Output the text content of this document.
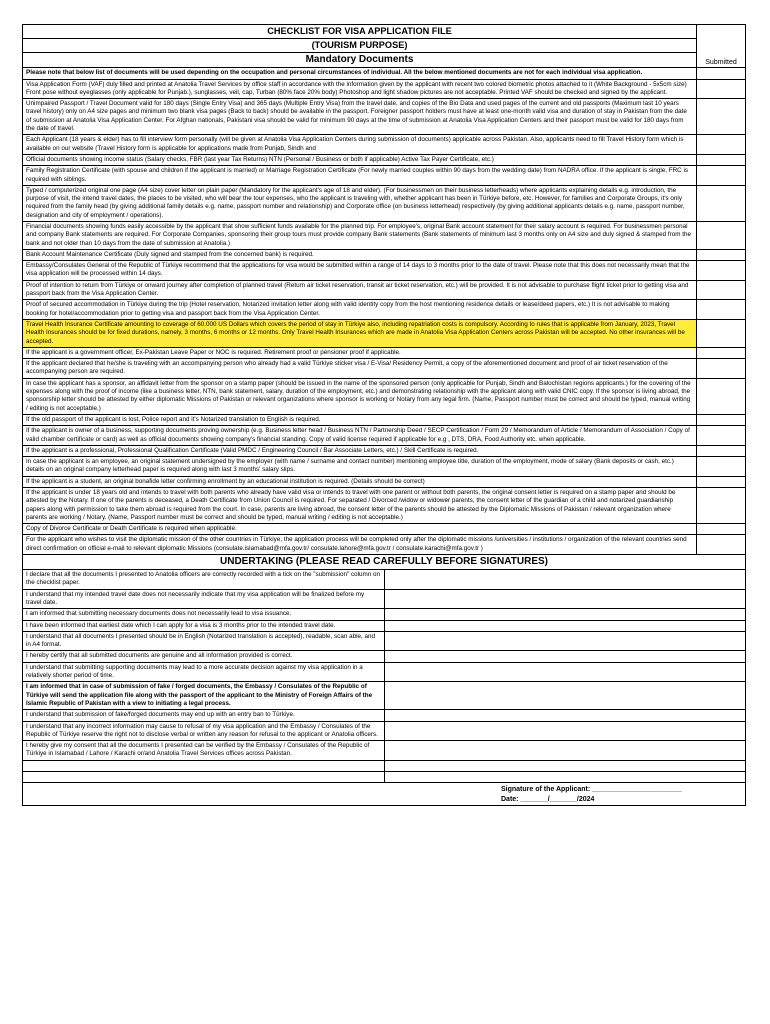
CHECKLIST FOR VISA APPLICATION FILE	
Submitted

(TOURISM PURPOSE)
Mandatory Documents
Please note that below list of documents will be used depending on the occupation and personal circumstances of individual. All the below mentioned documents are not for each individual visa application.	
Visa Application Form (VAF) duly filled and printed at Anatolia Travel Services by office staff in accordance with the information given by the applicant with recent two colored biometric photos attached to it (White Background - 5x5cm size) Front pose without eyeglasses (only applicable for Punjab.), sunglasses, veil, cap, Turban (80% face 20% body) Photoshop and light shadow pictures are not acceptable. Printed VAF should be checked and signed by the applicant.	
Unimpaired Passport / Travel Document valid for 180 days (Single Entry Visa) and 365 days (Multiple Entry Visa) from the travel date, and copies of the Bio Data and used pages of the current and old passports (Maximum last 10 years travel history) only on A4 size pages and minimum two blank visa pages (Back to back) should be available in the passport. Foreigner passport holders must have at least one-month valid visa and duration of stay in Pakistan from the date of submission at Anatolia Visa Application Center. For Afghan nationals, Pakistani visa should be valid for minimum 90 days at the time of submission at Anatolia Visa Application Centers and their passport must be valid for 180 days from the date of travel.	
Each Applicant (18 years & elder) has to fill interview form personally (will be given at Anatolia Visa Application Centers during submission of documents) applicable across Pakistan. Also, applicants need to fill Travel History form which is available on our website (Travel History form is applicable for applications made from Punjab, Sindh and	
Official documents showing income status (Salary checks, FBR (last year Tax Returns) NTN (Personal / Business or both if applicable) Active Tax Payer Certificate, etc.)	
Family Registration Certificate (with spouse and children if the applicant is married) or Marriage Registration Certificate (For newly married couples within 90 days from the wedding date) from NADRA office. If the applicant is single, FRC is required with siblings.	
Typed / computerized original one page (A4 size) cover letter on plain paper (Mandatory for the applicant's age of 18 and elder). (For businessmen on their business letterheads) where applicants explaining details e.g. introduction, the purpose of visit, the intend travel dates, the places to be visited, who will bear the tour expenses, who the applicant is traveling with, whether applicant has been in Türkiye before, etc. However, for families and Corporate Groups, it's only required from the family head (by giving additional family details e.g. name, passport number and relationship) and Corporate office (on business letterhead) respectively (by giving additional applicants details e.g. name, passport number, designation and city of employment / operations).	
Financial documents showing funds easily accessible by the applicant that show sufficient funds available for the planned trip. For employee's, original Bank account statement for their salary account is required. For businessmen personal and company Bank statements are required. For Corporate Companies, sponsoring their group tours must provide company Bank statements (Bank statements of minimum last 3 months only on A4 size and duly signed & stamped from the bank and not older than 10 days from the date of submission at Anatolia.)	
Bank Account Maintenance Certificate (Duly signed and stamped from the concerned bank) is required.	
Embassy/Consulates General of the Republic of Türkiye recommend that the applications for visa would be submitted within a range of 14 days to 3 months prior to the date of travel. Please note that this does not necessarily mean that the visa application will be processed within 14 days.	
Proof of intention to return from Türkiye or onward journey after completion of planned travel (Return air ticket reservation, transit air ticket reservation, etc.) will be provided. It is not advisable to purchase flight ticket prior to getting visa and passport back from the Visa Application Center.	
Proof of secured accommodation in Türkiye during the trip (Hotel reservation, Notarized invitation letter along with valid identity copy from the host mentioning residence details or lease/deed papers, etc.) It is not advisable to making booking for hotel/accommodation prior to getting visa and passport back from the Visa Application Center.	
Travel Health Insurance Certificate amounting to coverage of 60.000 US Dollars which covers the period of stay in Türkiye also, including repatriation costs is compulsory. According to rules that is applicable from January, 2023, Travel Health Insurances should be for fixed durations, namely, 3 months, 6 months or 12 months. Only Travel Health Insurances which are made in Anatolia Visa Application Centers across Pakistan will be accepted. No other insurances will be accepted.	
If the applicant is a government officer, Ex-Pakistan Leave Paper or NOC is required. Retirement proof or pensioner proof if applicable.	
If the applicant declared that he/she is traveling with an accompanying person who already had a valid Türkiye sticker visa / E-Visa/ Residency Permit, a copy of the aforementioned document and proof of air ticket reservation of the accompanying person are required.	
In case the applicant has a sponsor, an affidavit letter from the sponsor on a stamp paper (should be issued in the name of the sponsored person (only applicable for Punjab, Sindh and Balochistan regions applicants.) for the covering of the expenses along with the proof of income (like a business letter, NTN, bank statement, salary, duration of the employment, etc.) and demonstrating relationship with the applicant along with valid CNIC copy. If the sponsor is living abroad, the sponsorship letter should be attested by either diplomatic Missions of Pakistan or relevant organizations where sponsor is working or Notary from any legal firm. (Name, Passport number must be correct and should be typed, manual writing / editing is not acceptable.)	
If the old passport of the applicant is lost, Police report and it's Notarized translation to English is required.	
If the applicant is owner of a business, supporting documents proving ownership (e.g. Business letter head / Business NTN / Partnership Deed / SECP Certification / Form 29 / Memorandum of Article / Memorandum of Association / Copy of valid chamber certificate or card) as well as official documents showing company's financial standing. Copy of valid license required if applicable for e.g , DTS, DRA, Food Authority etc. when applicable.	
If the applicant is a professional, Professional Qualification Certificate (Valid PMDC / Engineering Council / Bar Associate Letters, etc.) / Skill Certificate is required.	
In case the applicant is an employee, an original statement undersigned by the employer (with name / surname and contact number) mentioning employee title, duration of the employment, mode of salary (Bank deposits or cash, etc.) details on an original company letterhead paper is required along with last 3 months' salary slips.	
If the applicant is a student, an original bonafide letter confirming enrollment by an educational institution is required. (Details should be correct)	
If the applicant is under 18 years old and intends to travel with both parents who already have valid visa or intends to travel with one parent or without both parents, the original consent letter is required on a stamp paper and should be attested by the Notary. If one of the parents is deceased, a Death Certificate from Union Council is required. For separated / Divorced /widow or widower parents, the consent letter of the guardian of a child and notarized guardianship papers along with permission to take them abroad is required from the court. In case, parents are living abroad, the consent letter of the parents should be attested by the Diplomatic Missions of Pakistan / relevant organization where parents are working / Notary. (Name, Passport number must be correct and should be typed, manual writing / editing is not acceptable.)	
Copy of Divorce Certificate or Death Certificate is required when applicable.	
For the applicant who wishes to visit the diplomatic mission of the other countries in Türkiye, the application process will be completed only after the diplomatic missions /universities / institutions / organization of the relevant countries send direct confirmation on official e-mail to relevant diplomatic Missions (consulate.islamabad@mfa.gov.tr/ consulate.lahore@mfa.gov.tr / consulate.karachi@mfa.gov.tr )	
UNDERTAKING (PLEASE READ CAREFULLY BEFORE SIGNATURES)	
I declare that all the documents I presented to Anatolia officers are correctly recorded with a tick on the "submission" column on the checklist paper.	
I understand that my intended travel date does not necessarily indicate that my visa application will be finalized before my travel date.	
I am informed that submitting necessary documents does not necessarily lead to visa issuance.	
I have been informed that earliest date which I can apply for a visa is 3 months prior to the intended travel date.	
I understand that all documents I presented should be in English (Notarized translation is accepted), readable, scan able, and in A4 format.	
I hereby certify that all submitted documents are genuine and all information provided is correct.	
I understand that submitting supporting documents may lead to a more accurate decision against my visa application in a relatively shorter period of time.	
I am informed that in case of submission of fake / forged documents, the Embassy / Consulates of the Republic of Türkiye will send the application file along with the passport of the applicant to the Ministry of Foreign Affairs of the Islamic Republic of Pakistan with a view to initiating a legal process.	
I understand that submission of fake/forged documents may end up with an entry ban to Türkiye.	
I understand that any incorrect information may cause to refusal of my visa application and the Embassy / Consulates of the Republic of Türkiye reserve the right not to disclose verbal or written any reason for refusal to the applicant or Anatolia officers.	
I hereby give my consent that all the documents I presented can be verified by the Embassy / Consulates of the Republic of Türkiye in Islamabad / Lahore / Karachi or/and Anatolia Travel Services offices across Pakistan.	

Signature of the Applicant: _______________________
Date: _______/_______/2024	
